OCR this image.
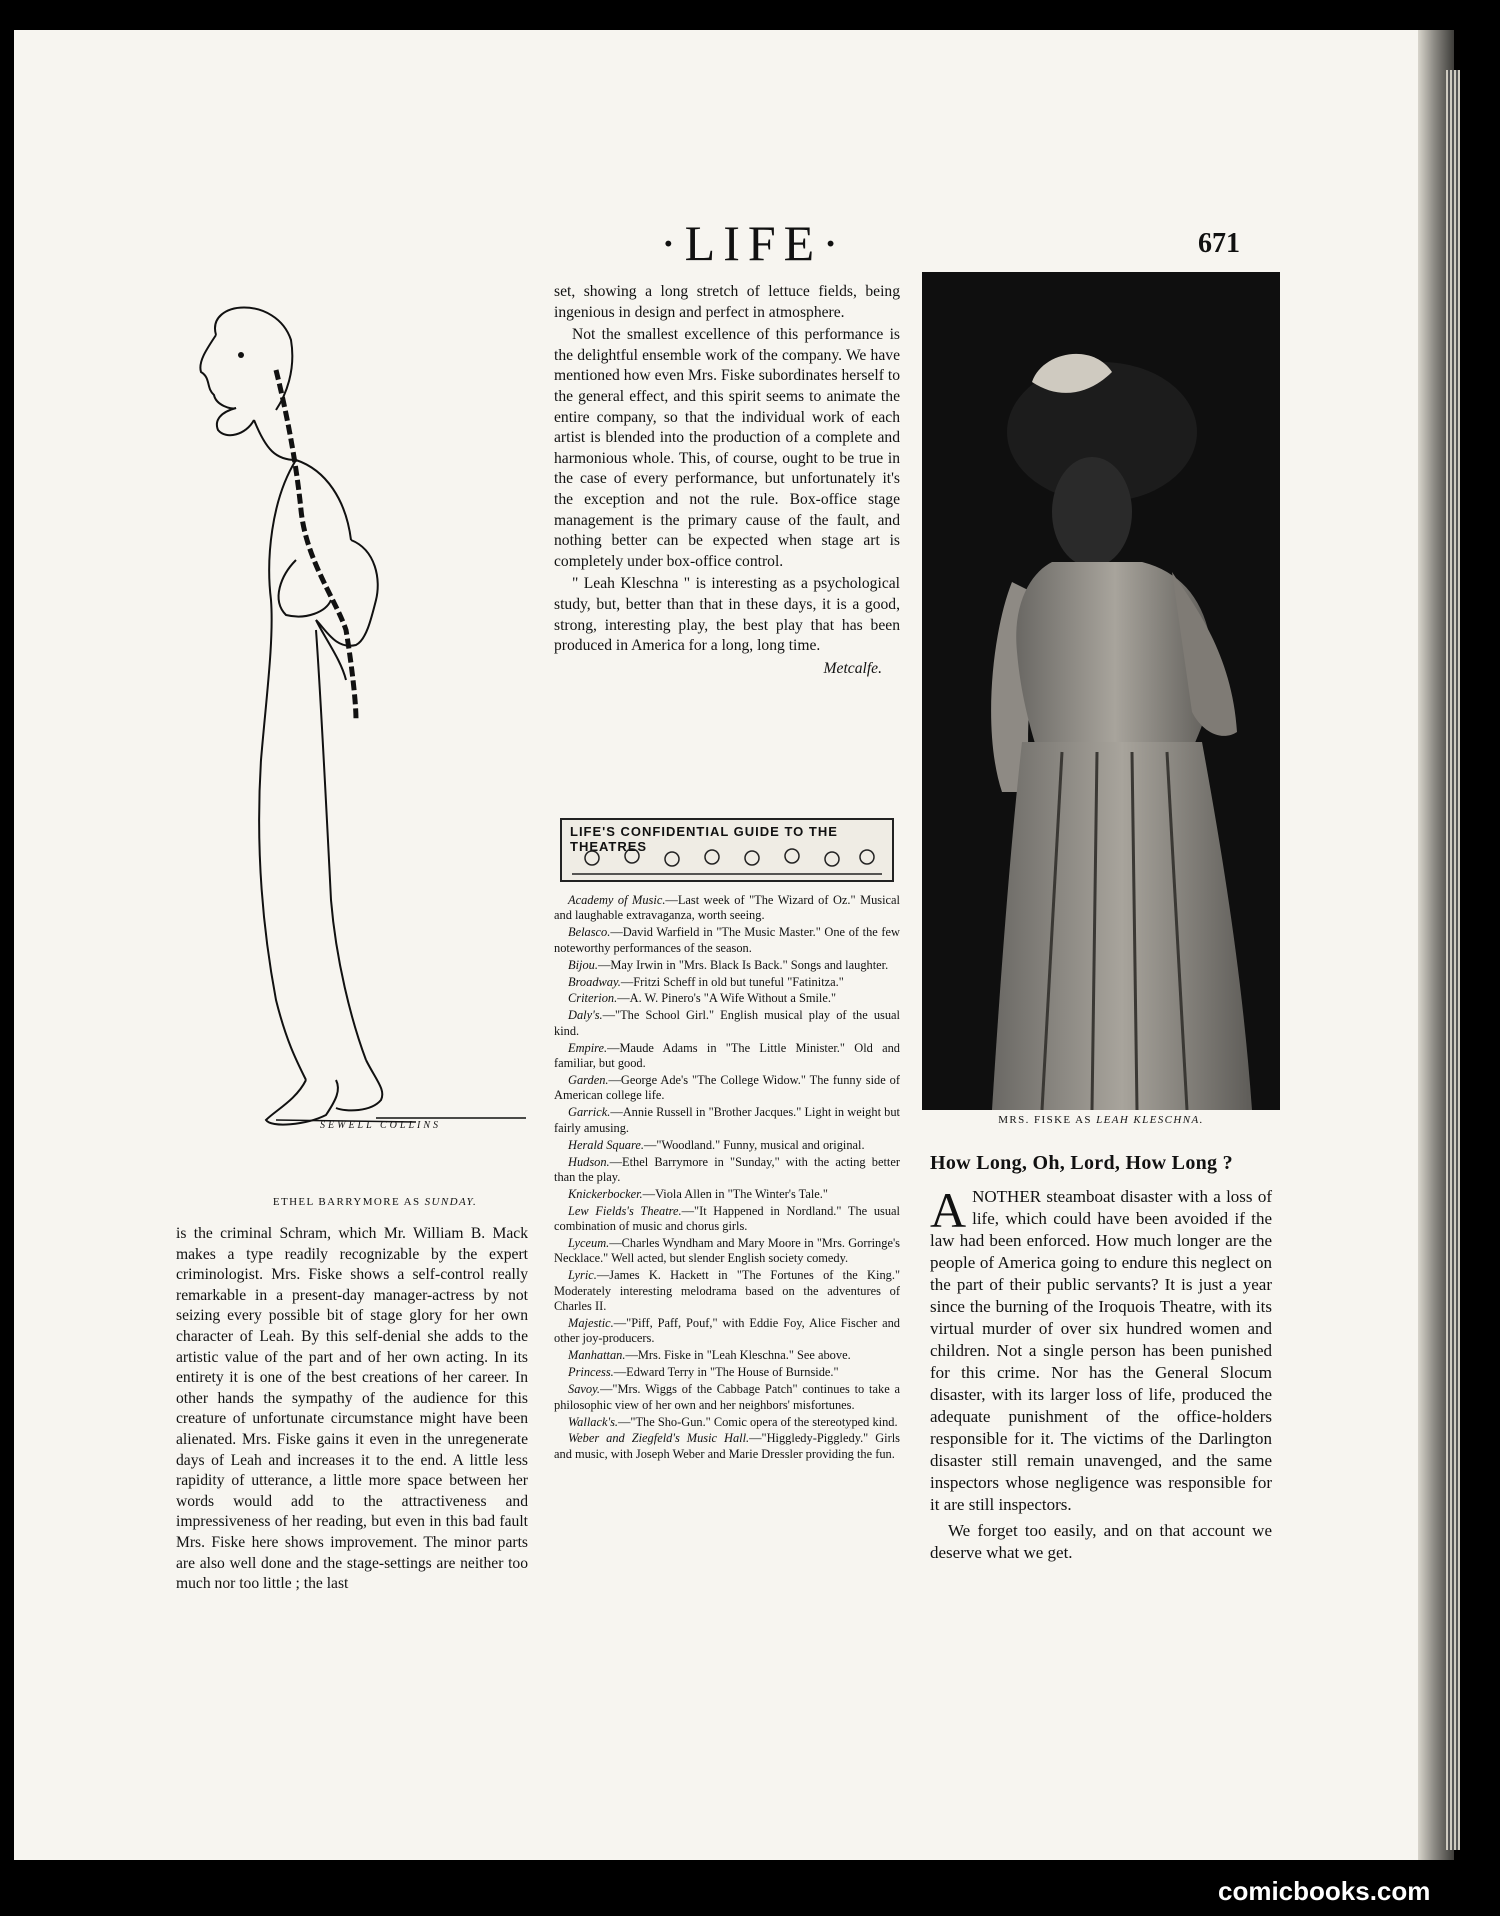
·LIFE·	671
SEWELL COLLINS
ETHEL BARRYMORE AS SUNDAY.

is the criminal Schram, which Mr. William B. Mack makes a type readily recognizable by the expert criminologist. Mrs. Fiske shows a self-control really remarkable in a present-day manager-actress by not seizing every possible bit of stage glory for her own character of Leah. By this self-denial she adds to the artistic value of the part and of her own acting. In its entirety it is one of the best creations of her career. In other hands the sympathy of the audience for this creature of unfortunate circumstance might have been alienated. Mrs. Fiske gains it even in the unregenerate days of Leah and increases it to the end. A little less rapidity of utterance, a little more space between her words would add to the attractiveness and impressiveness of her reading, but even in this bad fault Mrs. Fiske here shows improvement. The minor parts are also well done and the stage-settings are neither too much nor too little ; the last

set, showing a long stretch of lettuce fields, being ingenious in design and perfect in atmosphere.

Not the smallest excellence of this performance is the delightful ensemble work of the company. We have mentioned how even Mrs. Fiske subordinates herself to the general effect, and this spirit seems to animate the entire company, so that the individual work of each artist is blended into the production of a complete and harmonious whole. This, of course, ought to be true in the case of every performance, but unfortunately it's the exception and not the rule. Box-office stage management is the primary cause of the fault, and nothing better can be expected when stage art is completely under box-office control.

" Leah Kleschna " is interesting as a psychological study, but, better than that in these days, it is a good, strong, interesting play, the best play that has been produced in America for a long, long time.

Metcalfe.
LIFE'S CONFIDENTIAL GUIDE TO THE THEATRES
Academy of Music.—Last week of "The Wizard of Oz." Musical and laughable extravaganza, worth seeing.
Belasco.—David Warfield in "The Music Master." One of the few noteworthy performances of the season.
Bijou.—May Irwin in "Mrs. Black Is Back." Songs and laughter.
Broadway.—Fritzi Scheff in old but tuneful "Fatinitza."
Criterion.—A. W. Pinero's "A Wife Without a Smile."
Daly's.—"The School Girl." English musical play of the usual kind.
Empire.—Maude Adams in "The Little Minister." Old and familiar, but good.
Garden.—George Ade's "The College Widow." The funny side of American college life.
Garrick.—Annie Russell in "Brother Jacques." Light in weight but fairly amusing.
Herald Square.—"Woodland." Funny, musical and original.
Hudson.—Ethel Barrymore in "Sunday," with the acting better than the play.
Knickerbocker.—Viola Allen in "The Winter's Tale."
Lew Fields's Theatre.—"It Happened in Nordland." The usual combination of music and chorus girls.
Lyceum.—Charles Wyndham and Mary Moore in "Mrs. Gorringe's Necklace." Well acted, but slender English society comedy.
Lyric.—James K. Hackett in "The Fortunes of the King." Moderately interesting melodrama based on the adventures of Charles II.
Majestic.—"Piff, Paff, Pouf," with Eddie Foy, Alice Fischer and other joy-producers.
Manhattan.—Mrs. Fiske in "Leah Kleschna." See above.
Princess.—Edward Terry in "The House of Burnside."
Savoy.—"Mrs. Wiggs of the Cabbage Patch" continues to take a philosophic view of her own and her neighbors' misfortunes.
Wallack's.—"The Sho-Gun." Comic opera of the stereotyped kind.
Weber and Ziegfeld's Music Hall.—"Higgledy-Piggledy." Girls and music, with Joseph Weber and Marie Dressler providing the fun.
MRS. FISKE AS LEAH KLESCHNA.
How Long, Oh, Lord, How Long ?

ANOTHER steamboat disaster with a loss of life, which could have been avoided if the law had been enforced. How much longer are the people of America going to endure this neglect on the part of their public servants? It is just a year since the burning of the Iroquois Theatre, with its virtual murder of over six hundred women and children. Not a single person has been punished for this crime. Nor has the General Slocum disaster, with its larger loss of life, produced the adequate punishment of the office-holders responsible for it. The victims of the Darlington disaster still remain unavenged, and the same inspectors whose negligence was responsible for it are still inspectors.

We forget too easily, and on that account we deserve what we get.

comicbooks.com
